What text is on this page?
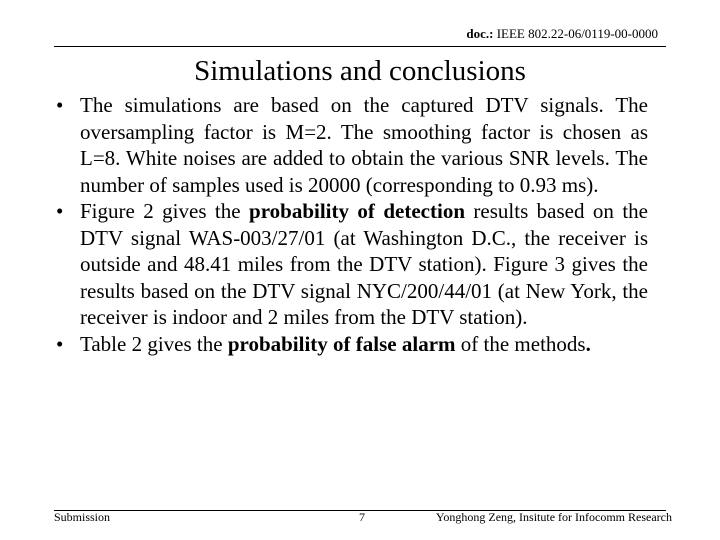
doc.: IEEE 802.22-06/0119-00-0000
Simulations and conclusions
• The simulations are based on the captured DTV signals. The oversampling factor is M=2. The smoothing factor is chosen as L=8. White noises are added to obtain the various SNR levels. The number of samples used is 20000 (corresponding to 0.93 ms).
• Figure 2 gives the probability of detection results based on the DTV signal WAS-003/27/01 (at Washington D.C., the receiver is outside and 48.41 miles from the DTV station). Figure 3 gives the results based on the DTV signal NYC/200/44/01 (at New York, the receiver is indoor and 2 miles from the DTV station).
• Table 2 gives the probability of false alarm of the methods.
Submission	7	Yonghong Zeng, Insitute for Infocomm Research
